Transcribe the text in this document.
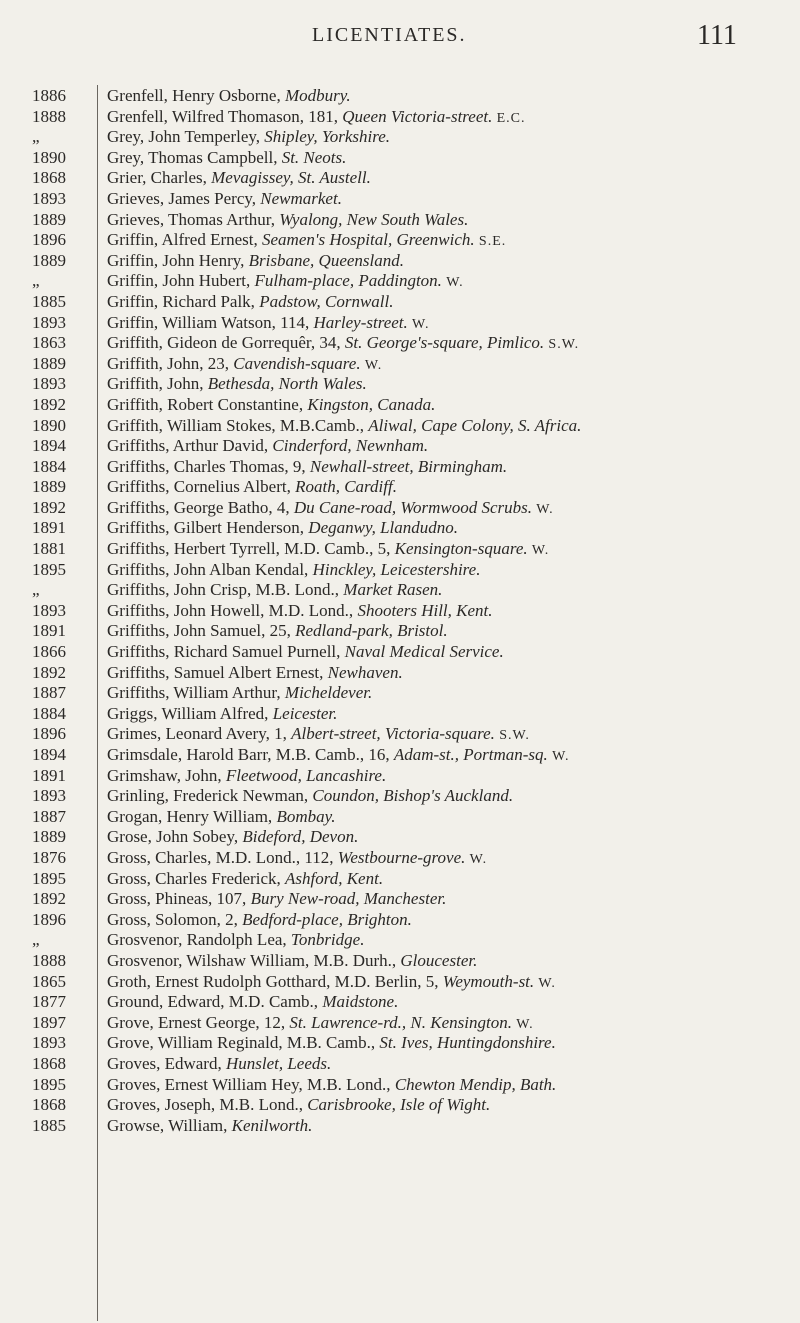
LICENTIATES.	111
1886	Grenfell, Henry Osborne, Modbury.
1888	Grenfell, Wilfred Thomason, 181, Queen Victoria-street. E.C.
„	Grey, John Temperley, Shipley, Yorkshire.
1890	Grey, Thomas Campbell, St. Neots.
1868	Grier, Charles, Mevagissey, St. Austell.
1893	Grieves, James Percy, Newmarket.
1889	Grieves, Thomas Arthur, Wyalong, New South Wales.
1896	Griffin, Alfred Ernest, Seamen's Hospital, Greenwich. S.E.
1889	Griffin, John Henry, Brisbane, Queensland.
„	Griffin, John Hubert, Fulham-place, Paddington. W.
1885	Griffin, Richard Palk, Padstow, Cornwall.
1893	Griffin, William Watson, 114, Harley-street. W.
1863	Griffith, Gideon de Gorrequêr, 34, St. George's-square, Pimlico. S.W.
1889	Griffith, John, 23, Cavendish-square. W.
1893	Griffith, John, Bethesda, North Wales.
1892	Griffith, Robert Constantine, Kingston, Canada.
1890	Griffith, William Stokes, M.B.Camb., Aliwal, Cape Colony, S. Africa.
1894	Griffiths, Arthur David, Cinderford, Newnham.
1884	Griffiths, Charles Thomas, 9, Newhall-street, Birmingham.
1889	Griffiths, Cornelius Albert, Roath, Cardiff.
1892	Griffiths, George Batho, 4, Du Cane-road, Wormwood Scrubs. W.
1891	Griffiths, Gilbert Henderson, Deganwy, Llandudno.
1881	Griffiths, Herbert Tyrrell, M.D. Camb., 5, Kensington-square. W.
1895	Griffiths, John Alban Kendal, Hinckley, Leicestershire.
„	Griffiths, John Crisp, M.B. Lond., Market Rasen.
1893	Griffiths, John Howell, M.D. Lond., Shooters Hill, Kent.
1891	Griffiths, John Samuel, 25, Redland-park, Bristol.
1866	Griffiths, Richard Samuel Purnell, Naval Medical Service.
1892	Griffiths, Samuel Albert Ernest, Newhaven.
1887	Griffiths, William Arthur, Micheldever.
1884	Griggs, William Alfred, Leicester.
1896	Grimes, Leonard Avery, 1, Albert-street, Victoria-square. S.W.
1894	Grimsdale, Harold Barr, M.B. Camb., 16, Adam-st., Portman-sq. W.
1891	Grimshaw, John, Fleetwood, Lancashire.
1893	Grinling, Frederick Newman, Coundon, Bishop's Auckland.
1887	Grogan, Henry William, Bombay.
1889	Grose, John Sobey, Bideford, Devon.
1876	Gross, Charles, M.D. Lond., 112, Westbourne-grove. W.
1895	Gross, Charles Frederick, Ashford, Kent.
1892	Gross, Phineas, 107, Bury New-road, Manchester.
1896	Gross, Solomon, 2, Bedford-place, Brighton.
„	Grosvenor, Randolph Lea, Tonbridge.
1888	Grosvenor, Wilshaw William, M.B. Durh., Gloucester.
1865	Groth, Ernest Rudolph Gotthard, M.D. Berlin, 5, Weymouth-st. W.
1877	Ground, Edward, M.D. Camb., Maidstone.
1897	Grove, Ernest George, 12, St. Lawrence-rd., N. Kensington. W.
1893	Grove, William Reginald, M.B. Camb., St. Ives, Huntingdonshire.
1868	Groves, Edward, Hunslet, Leeds.
1895	Groves, Ernest William Hey, M.B. Lond., Chewton Mendip, Bath.
1868	Groves, Joseph, M.B. Lond., Carisbrooke, Isle of Wight.
1885	Growse, William, Kenilworth.
